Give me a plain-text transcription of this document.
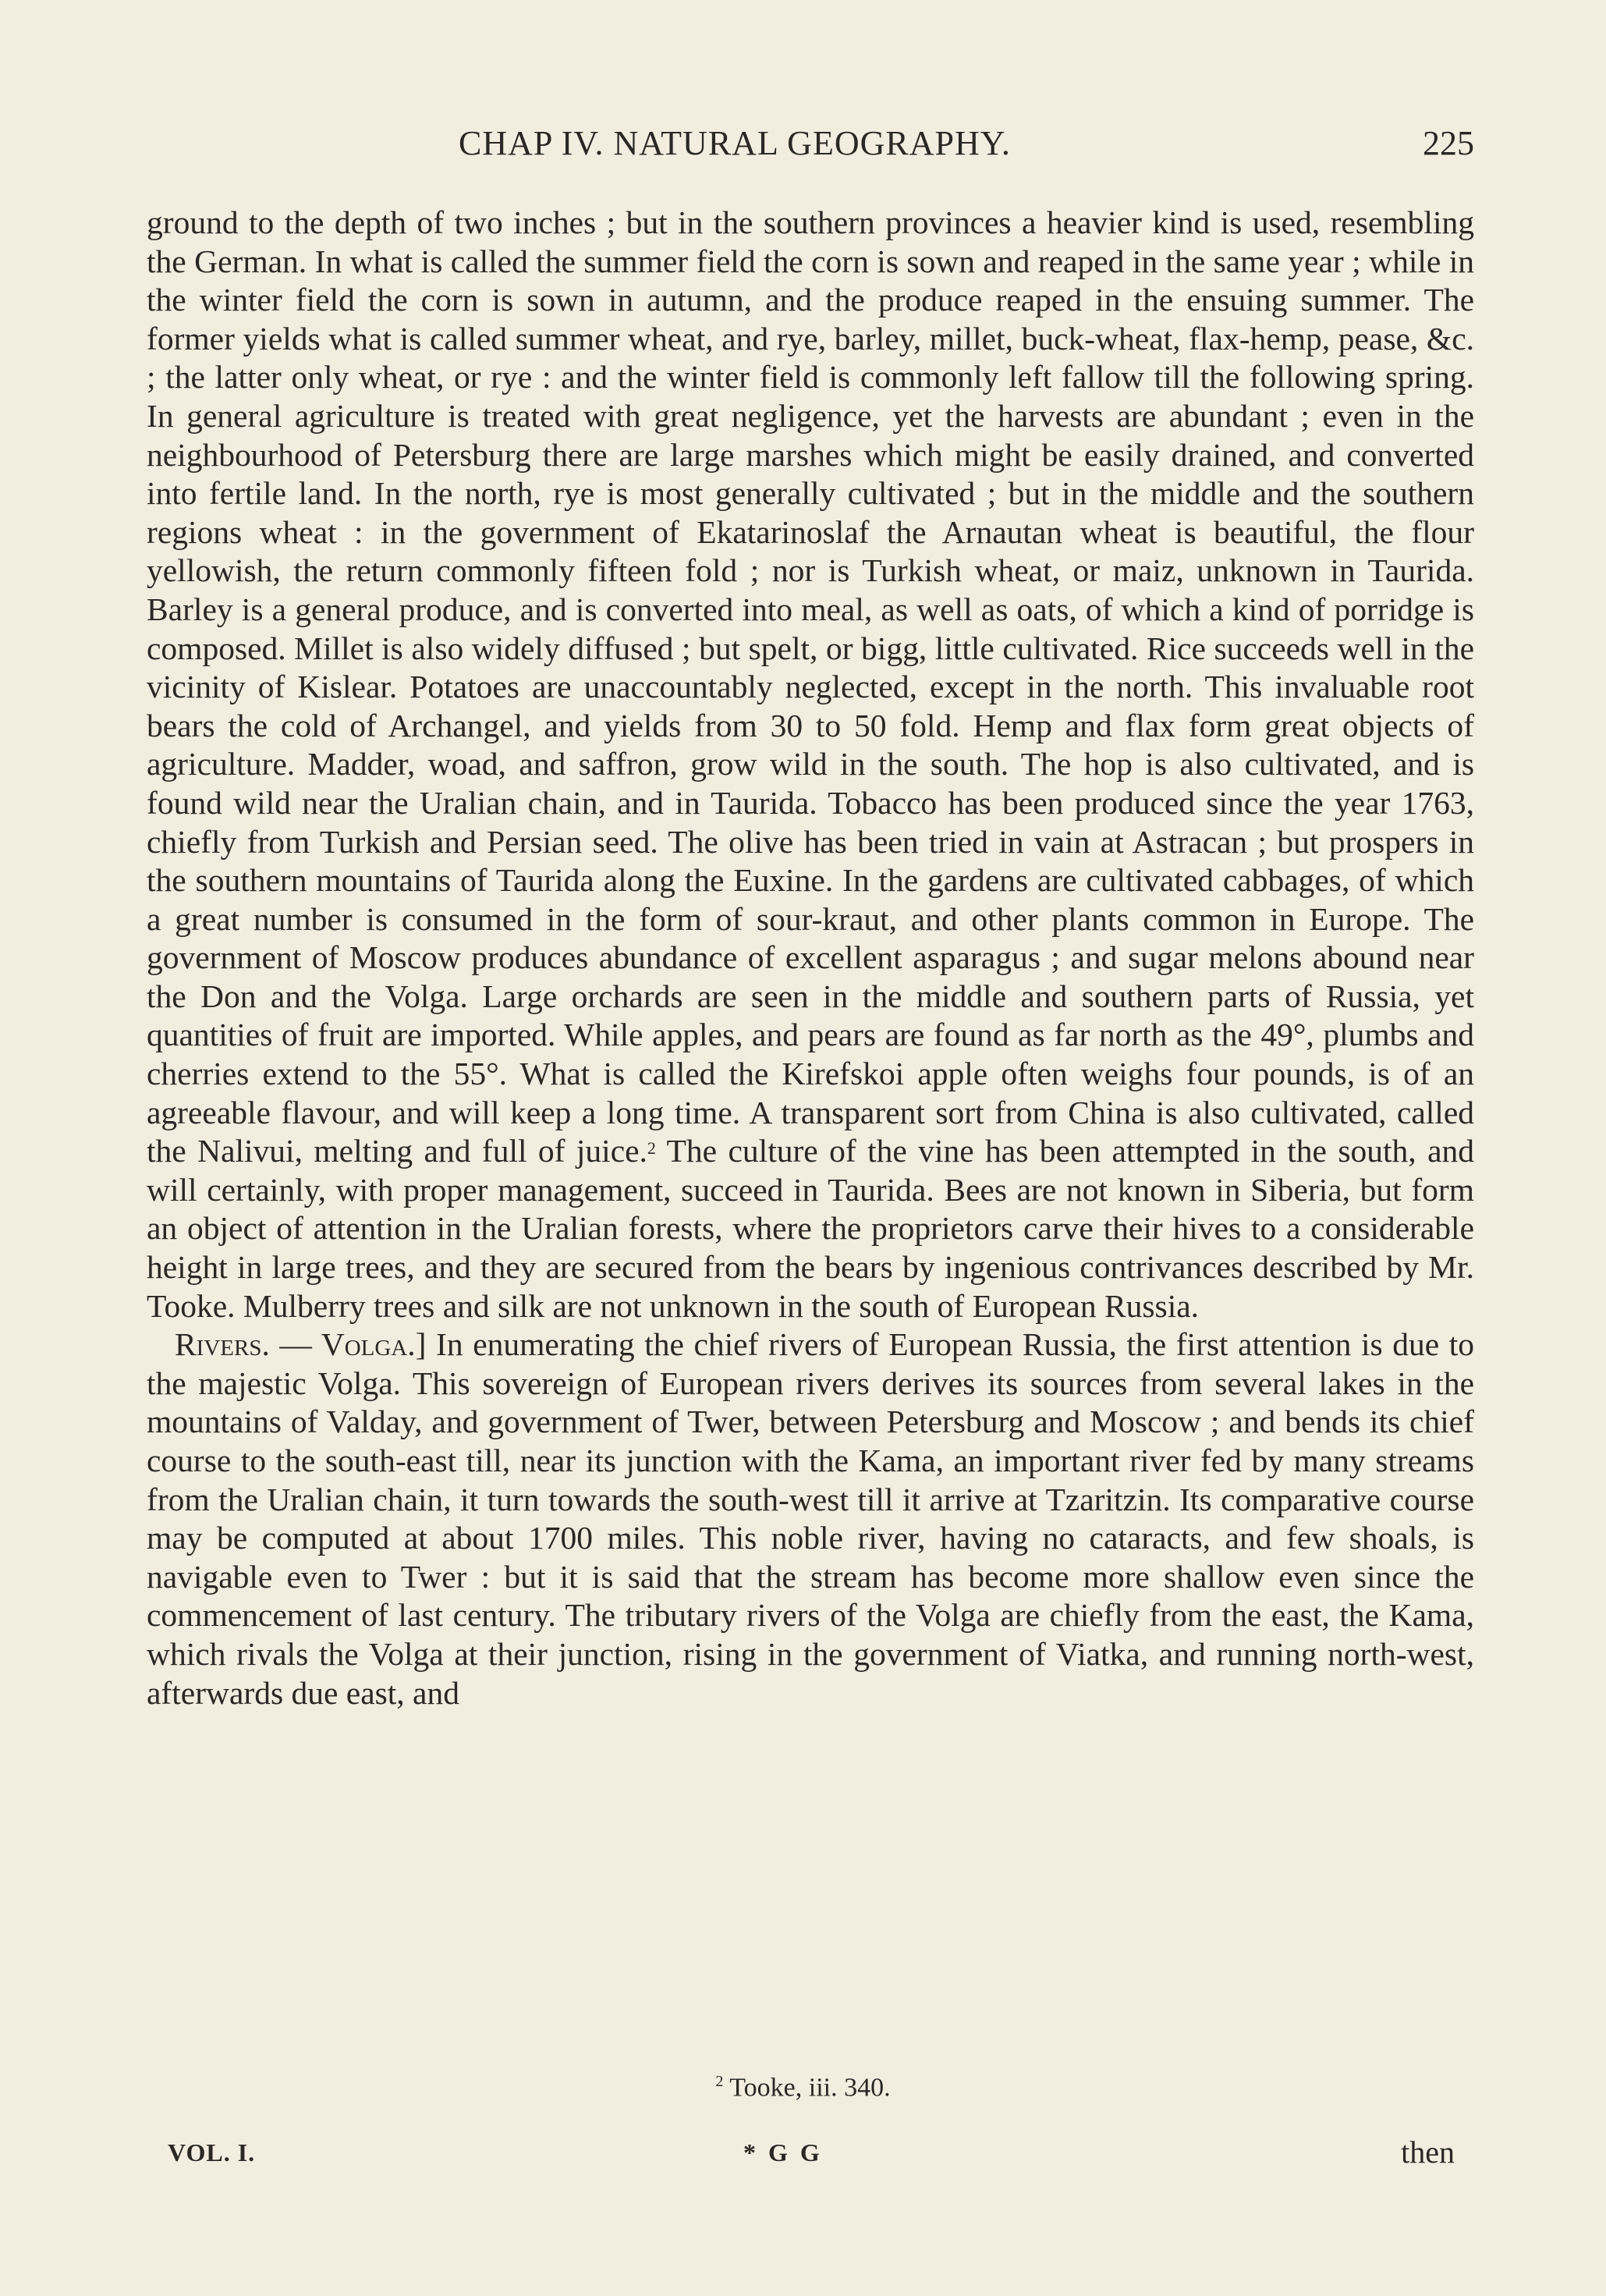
CHAP IV. NATURAL GEOGRAPHY.	225

ground to the depth of two inches ; but in the southern provinces a heavier kind is used, resembling the German. In what is called the summer field the corn is sown and reaped in the same year ; while in the winter field the corn is sown in autumn, and the produce reaped in the ensuing summer. The former yields what is called summer wheat, and rye, barley, millet, buck-wheat, flax-hemp, pease, &c. ; the latter only wheat, or rye : and the winter field is commonly left fallow till the following spring. In general agriculture is treated with great negligence, yet the harvests are abundant ; even in the neighbourhood of Petersburg there are large marshes which might be easily drained, and converted into fertile land. In the north, rye is most generally cultivated ; but in the middle and the southern regions wheat : in the government of Ekatarinoslaf the Arnautan wheat is beautiful, the flour yellowish, the return commonly fifteen fold ; nor is Turkish wheat, or maiz, unknown in Taurida. Barley is a general produce, and is converted into meal, as well as oats, of which a kind of porridge is composed. Millet is also widely diffused ; but spelt, or bigg, little cultivated. Rice succeeds well in the vicinity of Kislear. Potatoes are unaccountably neglected, except in the north. This invaluable root bears the cold of Archangel, and yields from 30 to 50 fold. Hemp and flax form great objects of agriculture. Madder, woad, and saffron, grow wild in the south. The hop is also cultivated, and is found wild near the Uralian chain, and in Taurida. Tobacco has been produced since the year 1763, chiefly from Turkish and Persian seed. The olive has been tried in vain at Astracan ; but prospers in the southern mountains of Taurida along the Euxine. In the gardens are cultivated cabbages, of which a great number is consumed in the form of sour-kraut, and other plants common in Europe. The government of Moscow produces abundance of excellent asparagus ; and sugar melons abound near the Don and the Volga. Large orchards are seen in the middle and southern parts of Russia, yet quantities of fruit are imported. While apples, and pears are found as far north as the 49°, plumbs and cherries extend to the 55°. What is called the Kirefskoi apple often weighs four pounds, is of an agreeable flavour, and will keep a long time. A transparent sort from China is also cultivated, called the Nalivui, melting and full of juice.$^2$ The culture of the vine has been attempted in the south, and will certainly, with proper management, succeed in Taurida. Bees are not known in Siberia, but form an object of attention in the Uralian forests, where the proprietors carve their hives to a considerable height in large trees, and they are secured from the bears by ingenious contrivances described by Mr. Tooke. Mulberry trees and silk are not unknown in the south of European Russia.

Rivers. — Volga.] In enumerating the chief rivers of European Russia, the first attention is due to the majestic Volga. This sovereign of European rivers derives its sources from several lakes in the mountains of Valday, and government of Twer, between Petersburg and Moscow ; and bends its chief course to the south-east till, near its junction with the Kama, an important river fed by many streams from the Uralian chain, it turn towards the south-west till it arrive at Tzaritzin. Its comparative course may be computed at about 1700 miles. This noble river, having no cataracts, and few shoals, is navigable even to Twer : but it is said that the stream has become more shallow even since the commencement of last century. The tributary rivers of the Volga are chiefly from the east, the Kama, which rivals the Volga at their junction, rising in the government of Viatka, and running north-west, afterwards due east, and

$^2$ Tooke, iii. 340.
VOL. I.	* G G	then
